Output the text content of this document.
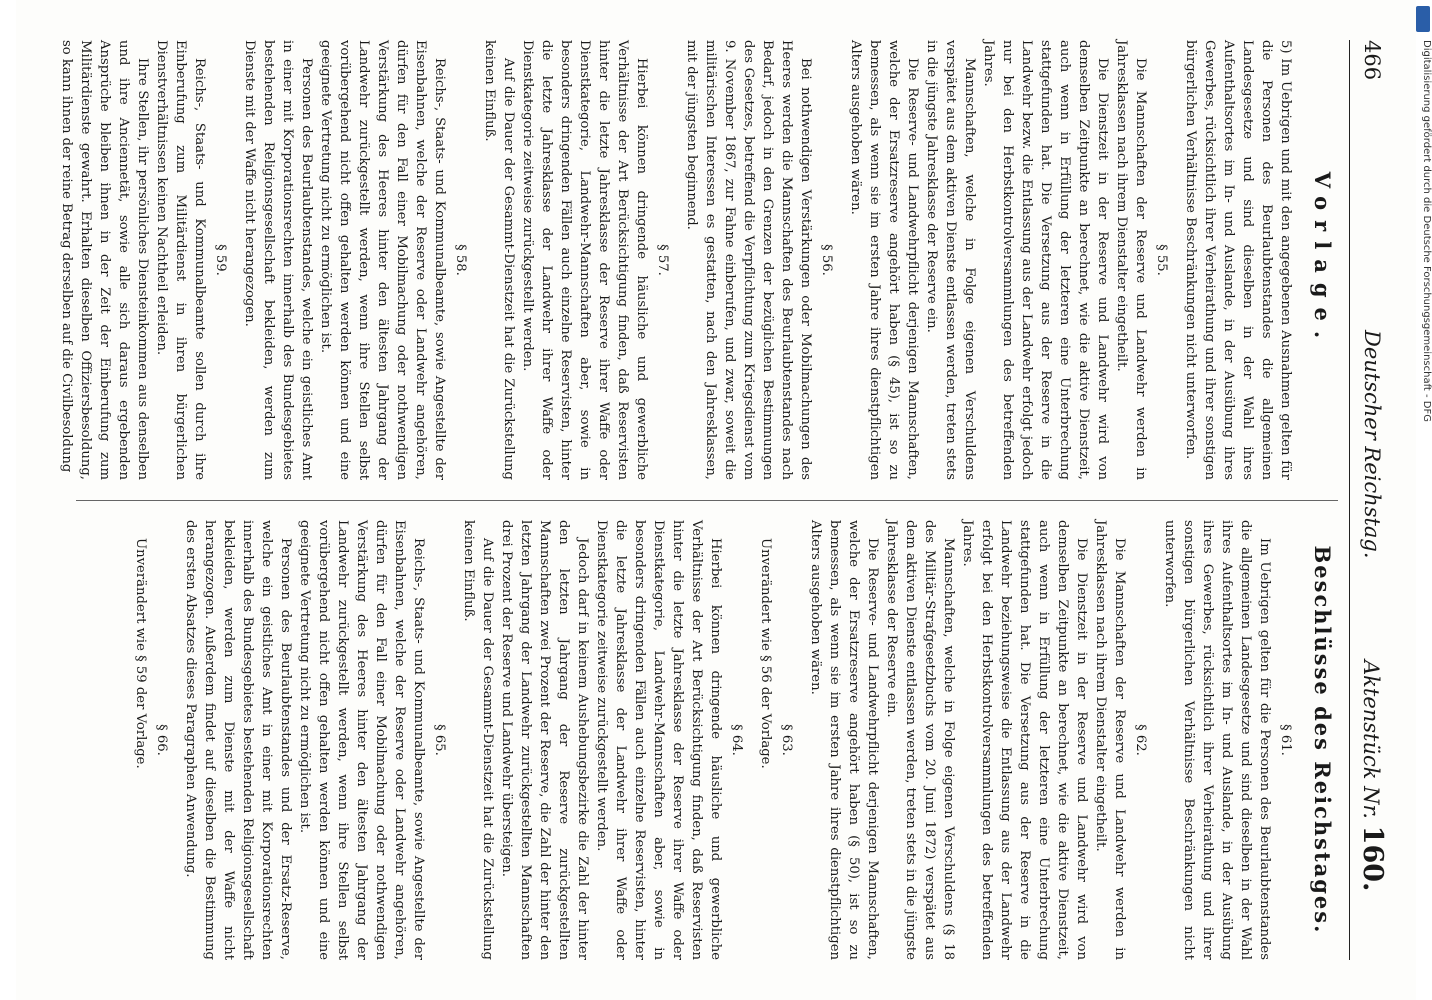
466
Deutscher Reichstag.
Aktenstück Nr. 160.
Vorlage.

5) Im Uebrigen und mit den angegebenen Ausnahmen gelten für die Personen des Beurlaubtenstandes die allgemeinen Landesgesetze und sind dieselben in der Wahl ihres Aufenthaltsortes im In- und Auslande, in der Ausübung ihres Gewerbes, rücksichtlich ihrer Verheirathung und ihrer sonstigen bürgerlichen Verhältnisse Beschränkungen nicht unterworfen.

§ 55.

Die Mannschaften der Reserve und Landwehr werden in Jahresklassen nach ihrem Dienstalter eingetheilt.

Die Dienstzeit in der Reserve und Landwehr wird von demselben Zeitpunkte an berechnet, wie die aktive Dienstzeit, auch wenn in Erfüllung der letzteren eine Unterbrechung stattgefunden hat. Die Versetzung aus der Reserve in die Landwehr bezw. die Entlassung aus der Landwehr erfolgt jedoch nur bei den Herbstkontrolversammlungen des betreffenden Jahres.

Mannschaften, welche in Folge eigenen Verschuldens verspätet aus dem aktiven Dienste entlassen werden, treten stets in die jüngste Jahresklasse der Reserve ein.

Die Reserve- und Landwehrpflicht derjenigen Mannschaften, welche der Ersatzreserve angehört haben (§ 45), ist so zu bemessen, als wenn sie im ersten Jahre ihres dienstpflichtigen Alters ausgehoben wären.

§ 56.

Bei nothwendigen Verstärkungen oder Mobilmachungen des Heeres werden die Mannschaften des Beurlaubtenstandes nach Bedarf, jedoch in den Grenzen der bezüglichen Bestimmungen des Gesetzes, betreffend die Verpflichtung zum Kriegsdienst vom 9. November 1867, zur Fahne einberufen, und zwar, soweit die militärischen Interessen es gestatten, nach den Jahresklassen, mit der jüngsten beginnend.

§ 57.

Hierbei können dringende häusliche und gewerbliche Verhältnisse der Art Berücksichtigung finden, daß Reservisten hinter die letzte Jahresklasse der Reserve ihrer Waffe oder Dienstkategorie, Landwehr-Mannschaften aber, sowie in besonders dringenden Fällen auch einzelne Reservisten, hinter die letzte Jahresklasse der Landwehr ihrer Waffe oder Dienstkategorie zeitweise zurückgestellt werden.

Auf die Dauer der Gesammt-Dienstzeit hat die Zurückstellung keinen Einfluß.

§ 58.

Reichs-, Staats- und Kommunalbeamte, sowie Angestellte der Eisenbahnen, welche der Reserve oder Landwehr angehören, dürfen für den Fall einer Mobilmachung oder nothwendigen Verstärkung des Heeres hinter den ältesten Jahrgang der Landwehr zurückgestellt werden, wenn ihre Stellen selbst vorübergehend nicht offen gehalten werden können und eine geeignete Vertretung nicht zu ermöglichen ist.

Personen des Beurlaubtenstandes, welche ein geistliches Amt in einer mit Korporationsrechten innerhalb des Bundesgebietes bestehenden Religionsgesellschaft bekleiden, werden zum Dienste mit der Waffe nicht herangezogen.

§ 59.

Reichs-, Staats- und Kommunalbeamte sollen durch ihre Einberufung zum Militärdienst in ihren bürgerlichen Dienstverhältnissen keinen Nachtheil erleiden.

Ihre Stellen, ihr persönliches Diensteinkommen aus denselben und ihre Anciennetät, sowie alle sich daraus ergebenden Ansprüche bleiben ihnen in der Zeit der Einberufung zum Militärdienste gewahrt. Erhalten dieselben Offiziersbesoldung, so kann ihnen der reine Betrag derselben auf die Civilbesoldung

Beschlüsse des Reichstages.
§ 61.

Im Uebrigen gelten für die Personen des Beurlaubtenstandes die allgemeinen Landesgesetze und sind dieselben in der Wahl ihres Aufenthaltsortes im In- und Auslande, in der Ausübung ihres Gewerbes, rücksichtlich ihrer Verheirathung und ihrer sonstigen bürgerlichen Verhältnisse Beschränkungen nicht unterworfen.

§ 62.

Die Mannschaften der Reserve und Landwehr werden in Jahresklassen nach ihrem Dienstalter eingetheilt.

Die Dienstzeit in der Reserve und Landwehr wird von demselben Zeitpunkte an berechnet, wie die aktive Dienstzeit, auch wenn in Erfüllung der letzteren eine Unterbrechung stattgefunden hat. Die Versetzung aus der Reserve in die Landwehr beziehungsweise die Entlassung aus der Landwehr erfolgt bei den Herbstkontrolversammlungen des betreffenden Jahres.

Mannschaften, welche in Folge eigenen Verschuldens (§ 18 des Militär-Strafgesetzbuchs vom 20. Juni 1872) verspätet aus dem aktiven Dienste entlassen werden, treten stets in die jüngste Jahresklasse der Reserve ein.

Die Reserve- und Landwehrpflicht derjenigen Mannschaften, welche der Ersatzreserve angehört haben (§ 50), ist so zu bemessen, als wenn sie im ersten Jahre ihres dienstpflichtigen Alters ausgehoben wären.

§ 63.

Unverändert wie § 56 der Vorlage.

§ 64.

Hierbei können dringende häusliche und gewerbliche Verhältnisse der Art Berücksichtigung finden, daß Reservisten hinter die letzte Jahresklasse der Reserve ihrer Waffe oder Dienstkategorie, Landwehr-Mannschaften aber, sowie in besonders dringenden Fällen auch einzelne Reservisten, hinter die letzte Jahresklasse der Landwehr ihrer Waffe oder Dienstkategorie zeitweise zurückgestellt werden.

Jedoch darf in keinem Aushebungsbezirke die Zahl der hinter den letzten Jahrgang der Reserve zurückgestellten Mannschaften zwei Prozent der Reserve, die Zahl der hinter den letzten Jahrgang der Landwehr zurückgestellten Mannschaften drei Prozent der Reserve und Landwehr übersteigen.

Auf die Dauer der Gesammt-Dienstzeit hat die Zurückstellung keinen Einfluß.

§ 65.

Reichs-, Staats- und Kommunalbeamte, sowie Angestellte der Eisenbahnen, welche der Reserve oder Landwehr angehören, dürfen für den Fall einer Mobilmachung oder nothwendigen Verstärkung des Heeres hinter den ältesten Jahrgang der Landwehr zurückgestellt werden, wenn ihre Stellen selbst vorübergehend nicht offen gehalten werden können und eine geeignete Vertretung nicht zu ermöglichen ist.

Personen des Beurlaubtenstandes und der Ersatz-Reserve, welche ein geistliches Amt in einer mit Korporationsrechten innerhalb des Bundesgebietes bestehenden Religionsgesellschaft bekleiden, werden zum Dienste mit der Waffe nicht herangezogen. Außerdem findet auf dieselben die Bestimmung des ersten Absatzes dieses Paragraphen Anwendung.

§ 66.

Unverändert wie § 59 der Vorlage.

Digitalisierung gefördert durch die Deutsche Forschungsgemeinschaft - DFG
